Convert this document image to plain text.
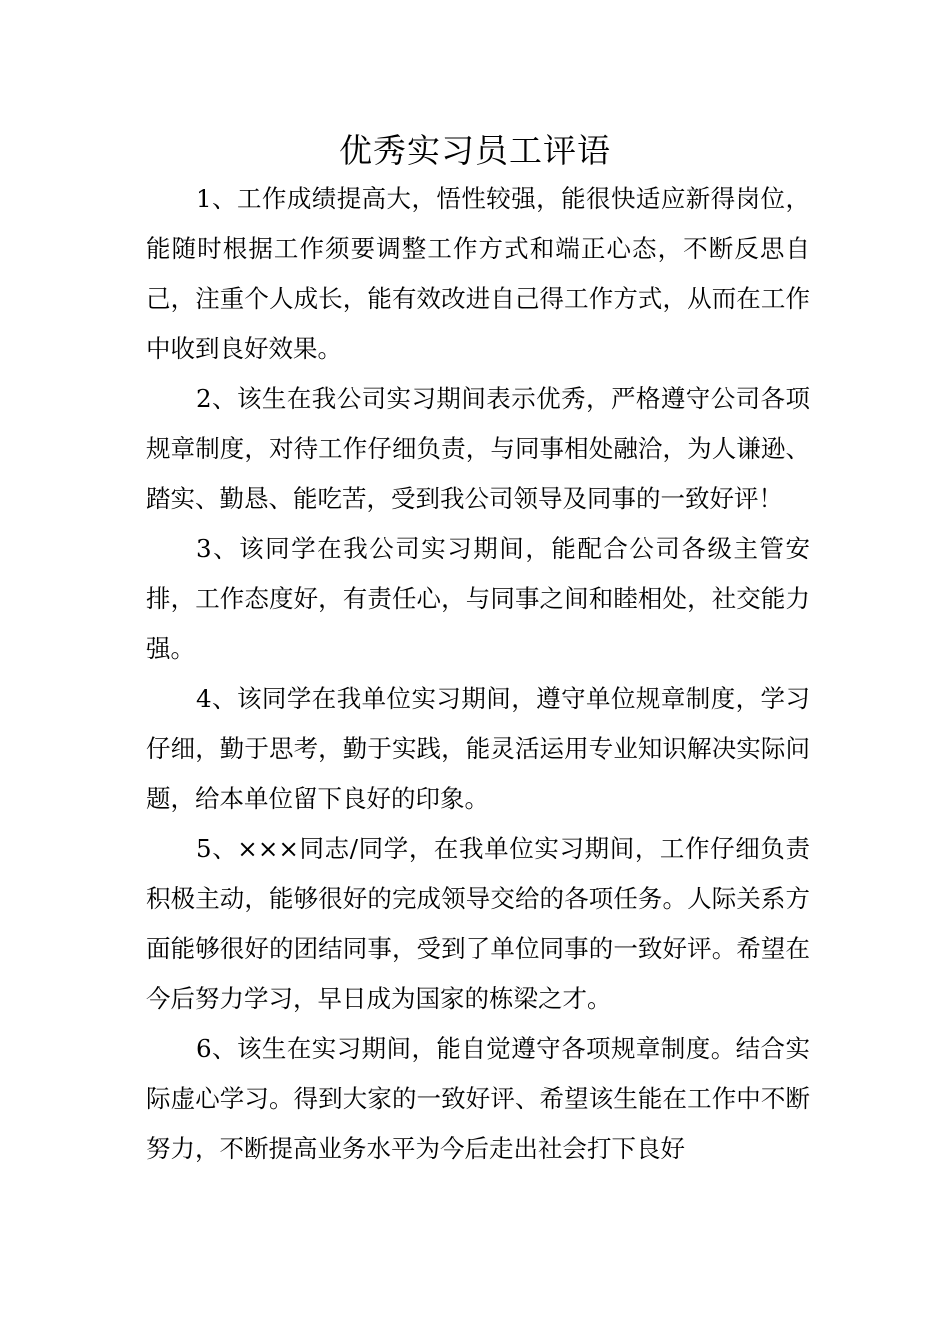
优秀实习员工评语

1、工作成绩提高大，悟性较强，能很快适应新得岗位，能随时根据工作须要调整工作方式和端正心态，不断反思自己，注重个人成长，能有效改进自己得工作方式，从而在工作中收到良好效果。

2、该生在我公司实习期间表示优秀，严格遵守公司各项规章制度，对待工作仔细负责，与同事相处融洽，为人谦逊、踏实、勤恳、能吃苦，受到我公司领导及同事的一致好评！

3、该同学在我公司实习期间，能配合公司各级主管安排，工作态度好，有责任心，与同事之间和睦相处，社交能力强。

4、该同学在我单位实习期间，遵守单位规章制度，学习仔细，勤于思考，勤于实践，能灵活运用专业知识解决实际问题，给本单位留下良好的印象。

5、×××同志/同学，在我单位实习期间，工作仔细负责积极主动，能够很好的完成领导交给的各项任务。人际关系方面能够很好的团结同事，受到了单位同事的一致好评。希望在今后努力学习，早日成为国家的栋梁之才。

6、该生在实习期间，能自觉遵守各项规章制度。结合实际虚心学习。得到大家的一致好评、希望该生能在工作中不断努力，不断提高业务水平为今后走出社会打下良好
